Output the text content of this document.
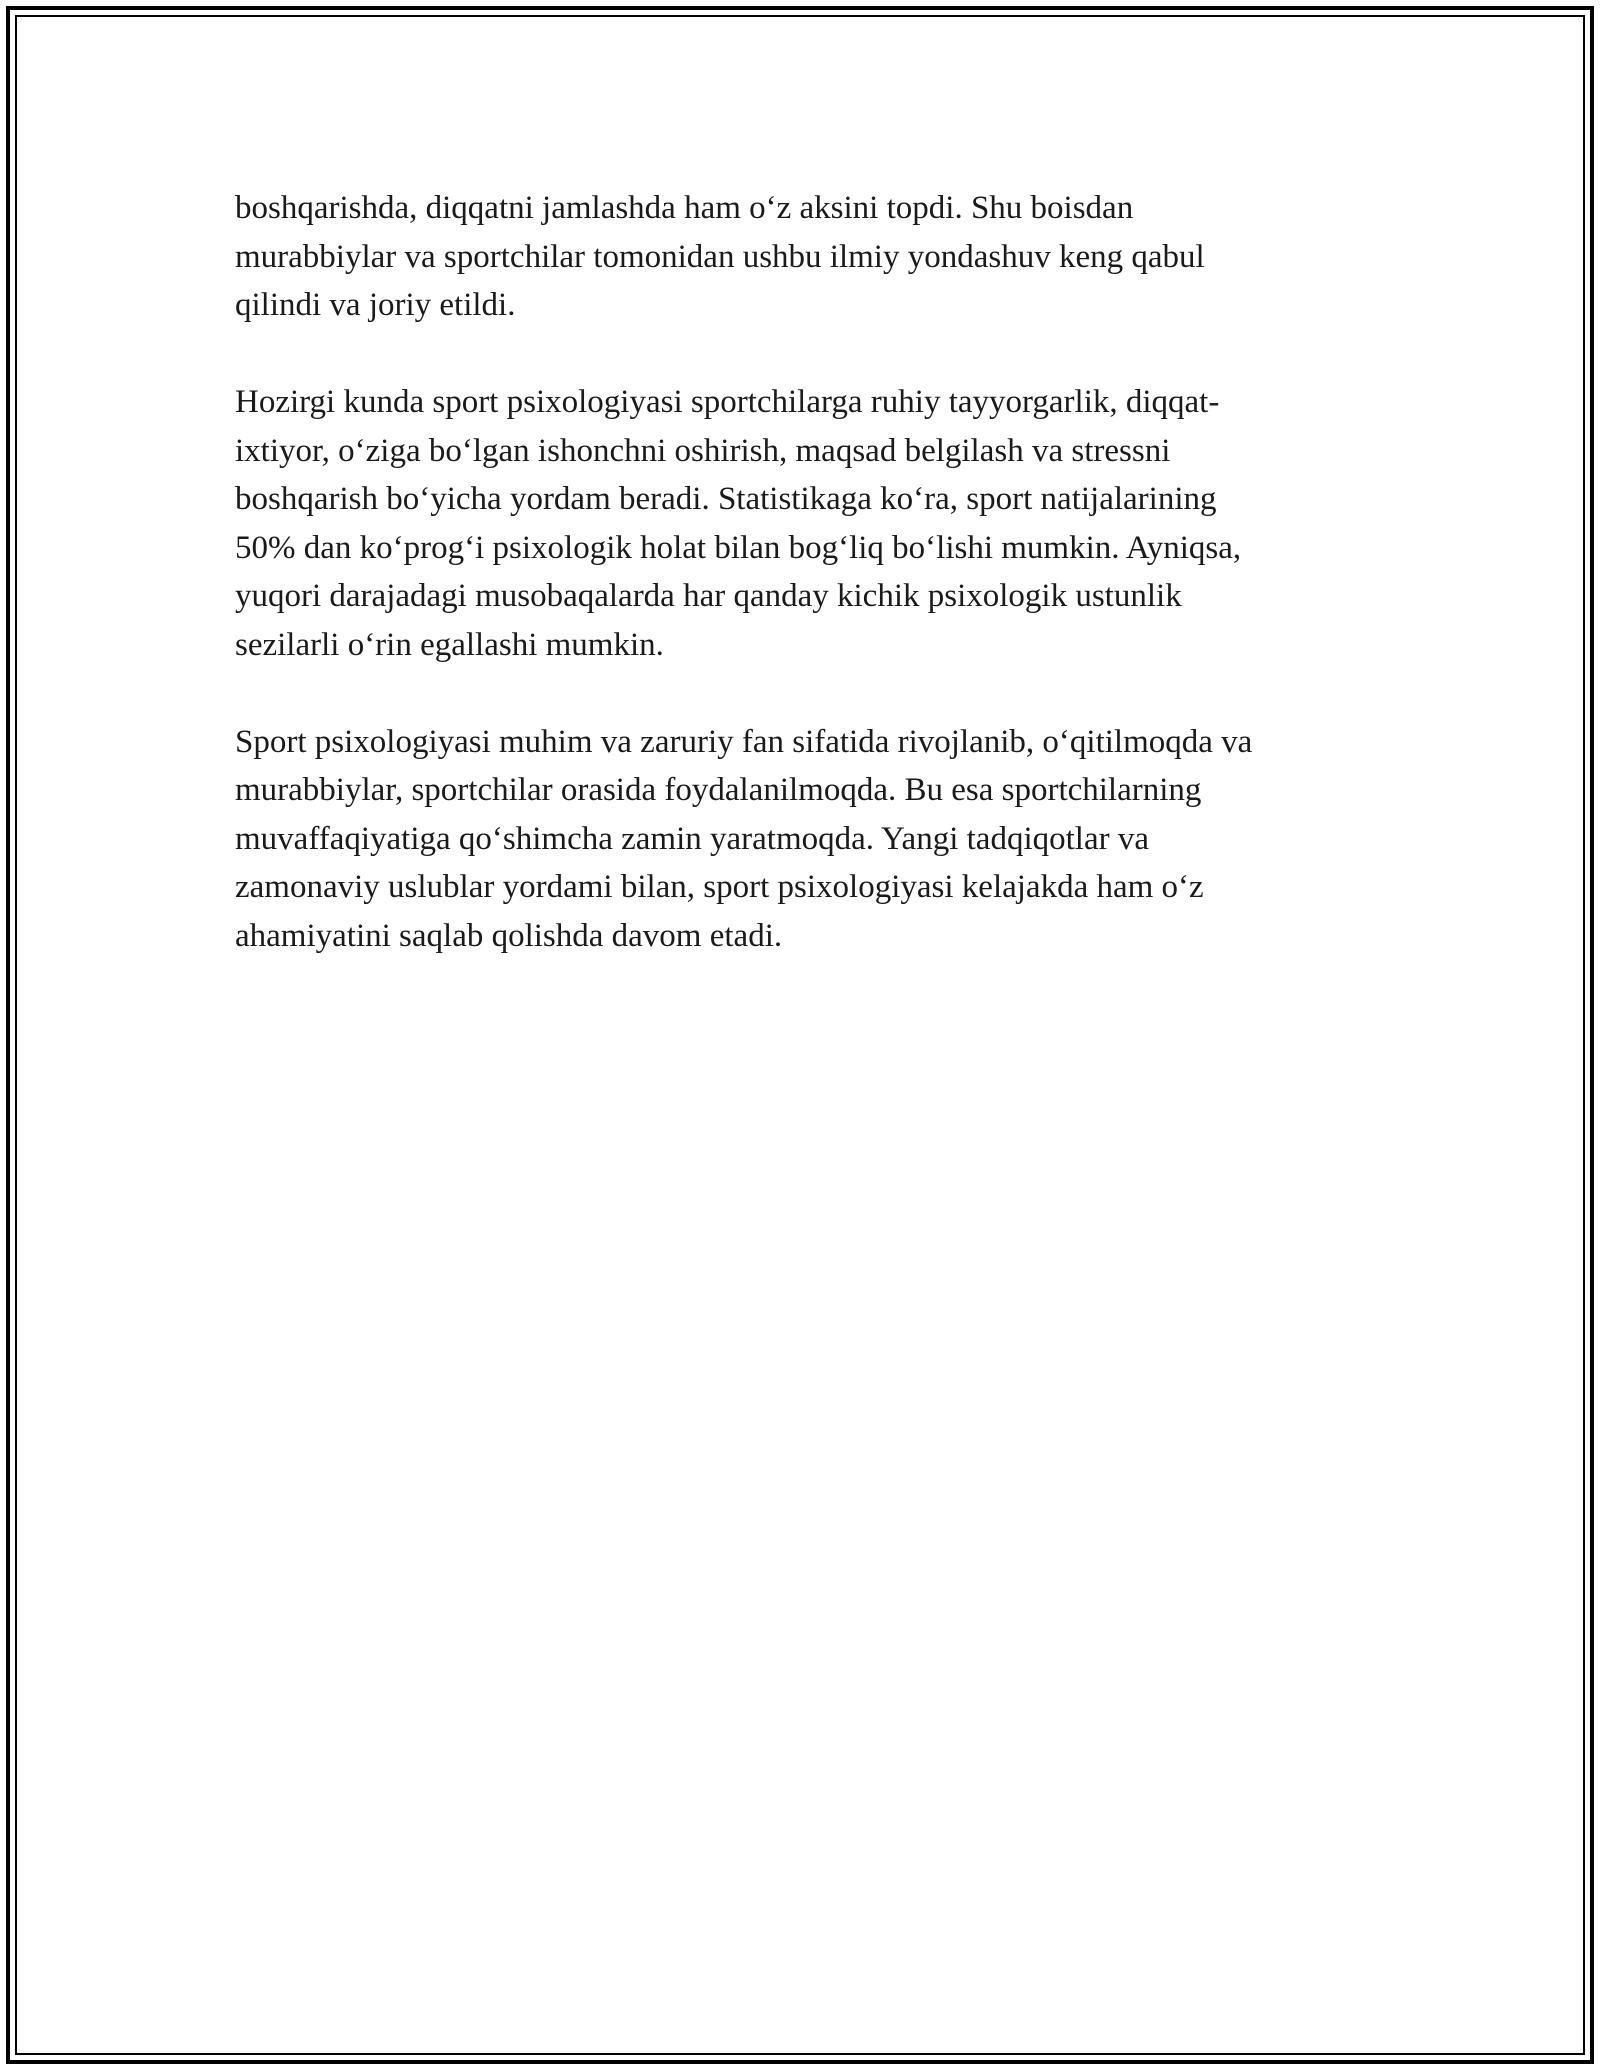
boshqarishda, diqqatni jamlashda ham o‘z aksini topdi. Shu boisdan
murabbiylar va sportchilar tomonidan ushbu ilmiy yondashuv keng qabul
qilindi va joriy etildi.

Hozirgi kunda sport psixologiyasi sportchilarga ruhiy tayyorgarlik, diqqat-
ixtiyor, o‘ziga bo‘lgan ishonchni oshirish, maqsad belgilash va stressni
boshqarish bo‘yicha yordam beradi. Statistikaga ko‘ra, sport natijalarining
50% dan ko‘prog‘i psixologik holat bilan bog‘liq bo‘lishi mumkin. Ayniqsa,
yuqori darajadagi musobaqalarda har qanday kichik psixologik ustunlik
sezilarli o‘rin egallashi mumkin.

Sport psixologiyasi muhim va zaruriy fan sifatida rivojlanib, o‘qitilmoqda va
murabbiylar, sportchilar orasida foydalanilmoqda. Bu esa sportchilarning
muvaffaqiyatiga qo‘shimcha zamin yaratmoqda. Yangi tadqiqotlar va
zamonaviy uslublar yordami bilan, sport psixologiyasi kelajakda ham o‘z
ahamiyatini saqlab qolishda davom etadi.
